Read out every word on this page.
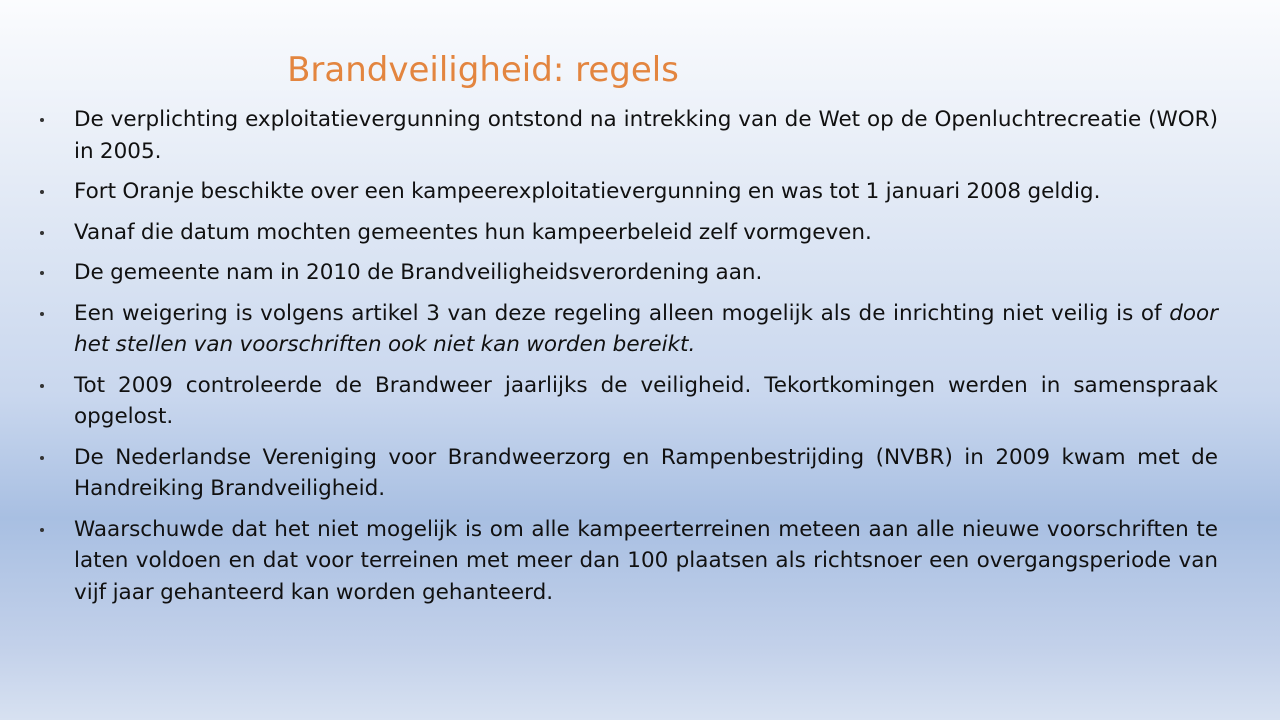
Brandveiligheid: regels
De verplichting exploitatievergunning ontstond na intrekking van de Wet op de Openluchtrecreatie (WOR) in 2005.
Fort Oranje beschikte over een kampeerexploitatievergunning en was tot 1 januari 2008 geldig.
Vanaf die datum mochten gemeentes hun kampeerbeleid zelf vormgeven.
De gemeente nam in 2010 de Brandveiligheidsverordening aan.
Een weigering is volgens artikel 3 van deze regeling alleen mogelijk als de inrichting niet veilig is of door het stellen van voorschriften ook niet kan worden bereikt.
Tot 2009 controleerde de Brandweer jaarlijks de veiligheid. Tekortkomingen werden in samenspraak opgelost.
De Nederlandse Vereniging voor Brandweerzorg en Rampenbestrijding (NVBR) in 2009 kwam met de Handreiking Brandveiligheid.
Waarschuwde dat het niet mogelijk is om alle kampeerterreinen meteen aan alle nieuwe voorschriften te laten voldoen en dat voor terreinen met meer dan 100 plaatsen als richtsnoer een overgangsperiode van vijf jaar gehanteerd kan worden gehanteerd.
